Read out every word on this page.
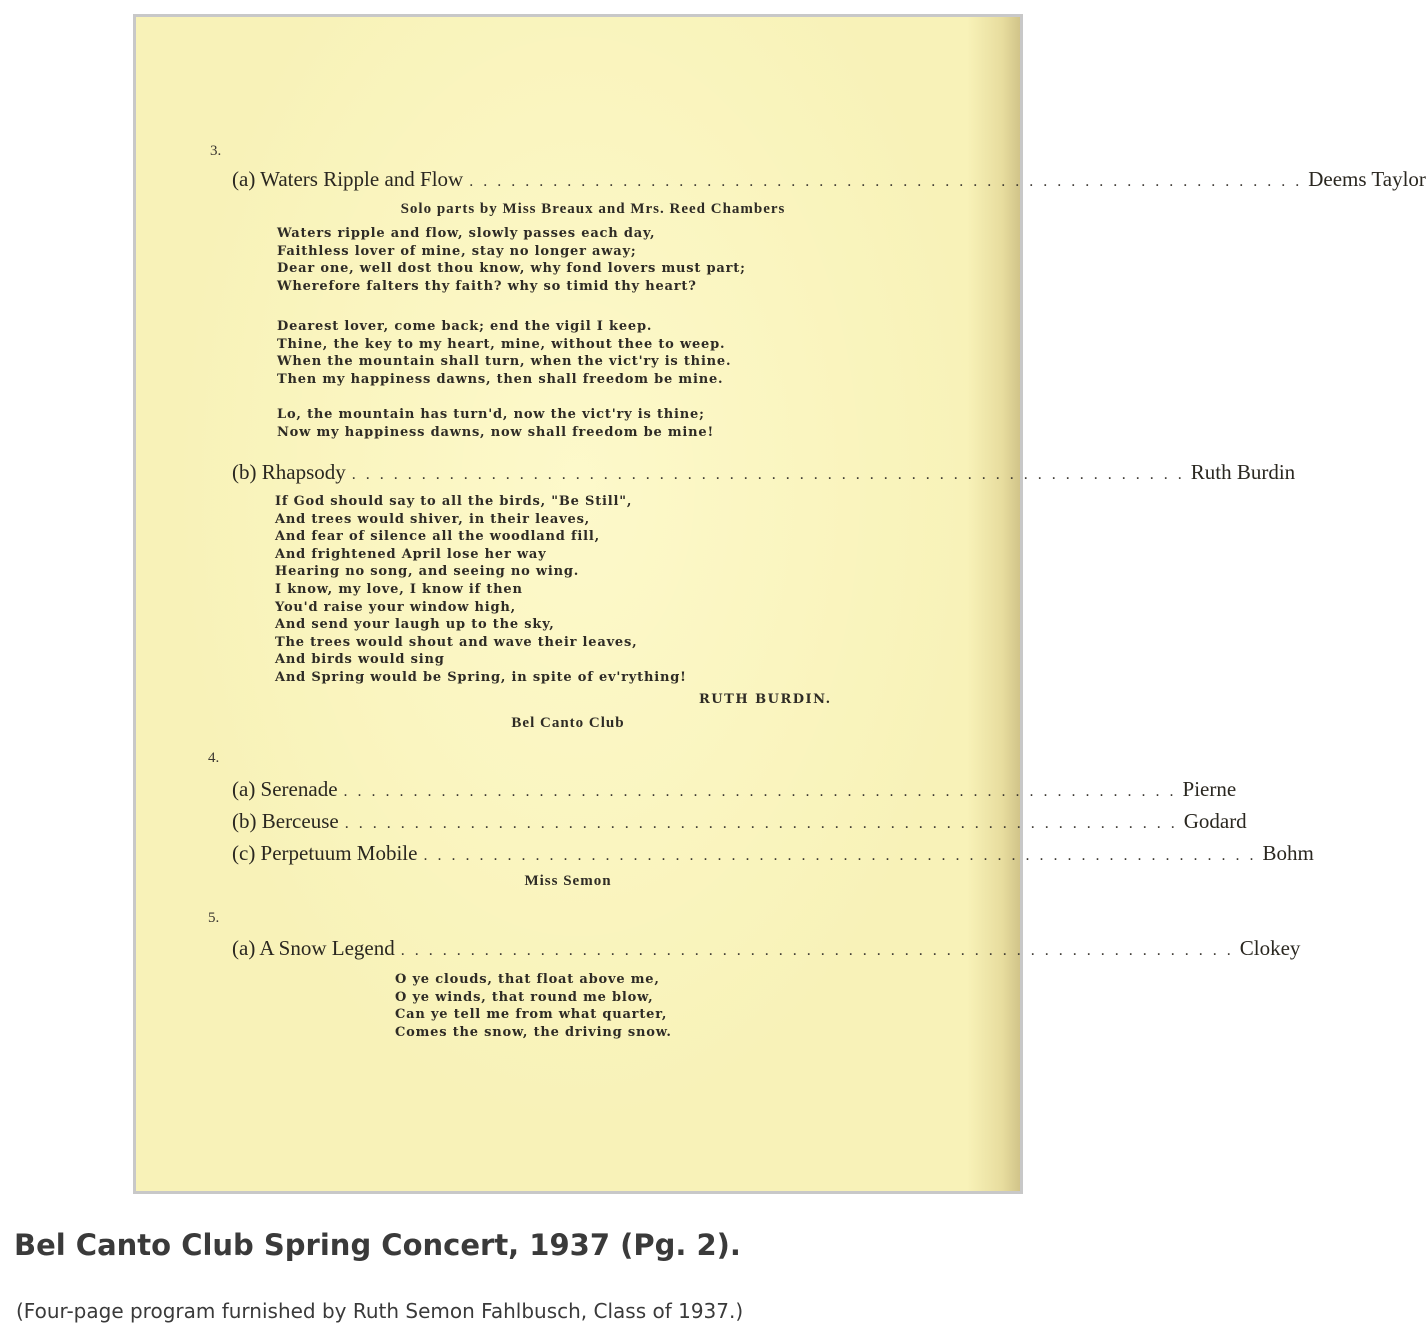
3.
(a) Waters Ripple and Flow . . . . . . . . . . . . . . . . . . . . . . . . . . . . . . . . . . . . . . . . . . . . . . . . . . . . . . . . . . . . Deems Taylor
Solo parts by Miss Breaux and Mrs. Reed Chambers
Waters ripple and flow, slowly passes each day,
Faithless lover of mine, stay no longer away;
Dear one, well dost thou know, why fond lovers must part;
Wherefore falters thy faith? why so timid thy heart?
Dearest lover, come back; end the vigil I keep.
Thine, the key to my heart, mine, without thee to weep.
When the mountain shall turn, when the vict'ry is thine.
Then my happiness dawns, then shall freedom be mine.
Lo, the mountain has turn'd, now the vict'ry is thine;
Now my happiness dawns, now shall freedom be mine!
(b) Rhapsody . . . . . . . . . . . . . . . . . . . . . . . . . . . . . . . . . . . . . . . . . . . . . . . . . . . . . . . . . . . . Ruth Burdin
If God should say to all the birds, "Be Still",
And trees would shiver, in their leaves,
And fear of silence all the woodland fill,
And frightened April lose her way
Hearing no song, and seeing no wing.
I know, my love, I know if then
You'd raise your window high,
And send your laugh up to the sky,
The trees would shout and wave their leaves,
And birds would sing
And Spring would be Spring, in spite of ev'rything!
RUTH BURDIN.
Bel Canto Club
4.
(a) Serenade . . . . . . . . . . . . . . . . . . . . . . . . . . . . . . . . . . . . . . . . . . . . . . . . . . . . . . . . . . . . Pierne
(b) Berceuse . . . . . . . . . . . . . . . . . . . . . . . . . . . . . . . . . . . . . . . . . . . . . . . . . . . . . . . . . . . . Godard
(c) Perpetuum Mobile . . . . . . . . . . . . . . . . . . . . . . . . . . . . . . . . . . . . . . . . . . . . . . . . . . . . . . . . . . . . Bohm
Miss Semon
5.
(a) A Snow Legend . . . . . . . . . . . . . . . . . . . . . . . . . . . . . . . . . . . . . . . . . . . . . . . . . . . . . . . . . . . . Clokey
O ye clouds, that float above me,
O ye winds, that round me blow,
Can ye tell me from what quarter,
Comes the snow, the driving snow.
Bel Canto Club Spring Concert, 1937 (Pg. 2).
(Four-page program furnished by Ruth Semon Fahlbusch, Class of 1937.)
